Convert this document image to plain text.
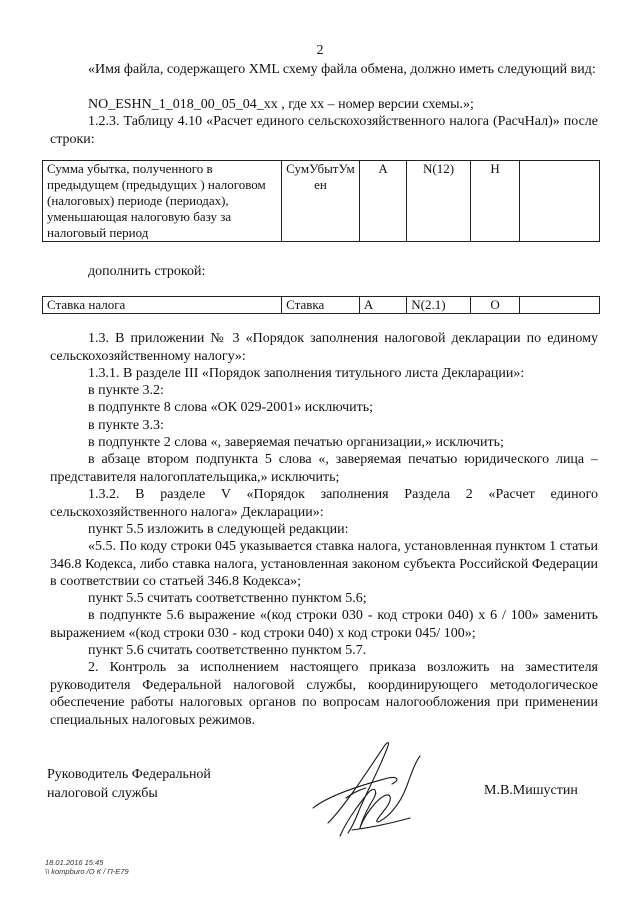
2

«Имя файла, содержащего XML схему файла обмена, должно иметь следующий вид:

NO_ESHN_1_018_00_05_04_xx , где xx – номер версии схемы.»;

1.2.3. Таблицу 4.10 «Расчет единого сельскохозяйственного налога (РасчНал)» после строки:

Сумма убытка, полученного в предыдущем (предыдущих ) налоговом (налоговых) периоде (периодах), уменьшающая налоговую базу за налоговый период	СумУбытУмен	А	N(12)	Н	

дополнить строкой:

Ставка налога	Ставка	А	N(2.1)	О	

1.3. В приложении № 3 «Порядок заполнения налоговой декларации по единому сельскохозяйственному налогу»:

1.3.1. В разделе III «Порядок заполнения титульного листа Декларации»:

в пункте 3.2:

в подпункте 8 слова «ОК 029-2001» исключить;

в пункте 3.3:

в подпункте 2 слова «, заверяемая печатью организации,» исключить;

в абзаце втором подпункта 5 слова «, заверяемая печатью юридического лица – представителя налогоплательщика,» исключить;

1.3.2. В разделе V «Порядок заполнения Раздела 2 «Расчет единого сельскохозяйственного налога» Декларации»:

пункт 5.5 изложить в следующей редакции:

«5.5. По коду строки 045 указывается ставка налога, установленная пунктом 1 статьи 346.8 Кодекса, либо ставка налога, установленная законом субъекта Российской Федерации в соответствии со статьей 346.8 Кодекса»;

пункт 5.5 считать соответственно пунктом 5.6;

в подпункте 5.6 выражение «(код строки 030 - код строки 040) х 6 / 100» заменить выражением «(код строки 030 - код строки 040) х код строки 045/ 100»;

пункт 5.6 считать соответственно пунктом 5.7.

2. Контроль за исполнением настоящего приказа возложить на заместителя руководителя Федеральной налоговой службы, координирующего методологическое обеспечение работы налоговых органов по вопросам налогообложения при применении специальных налоговых режимов.

Руководитель Федеральной
налоговой службы	М.В.Мишустин
18.01.2016 15:45
\\ kompburo /О К / П-Е79
